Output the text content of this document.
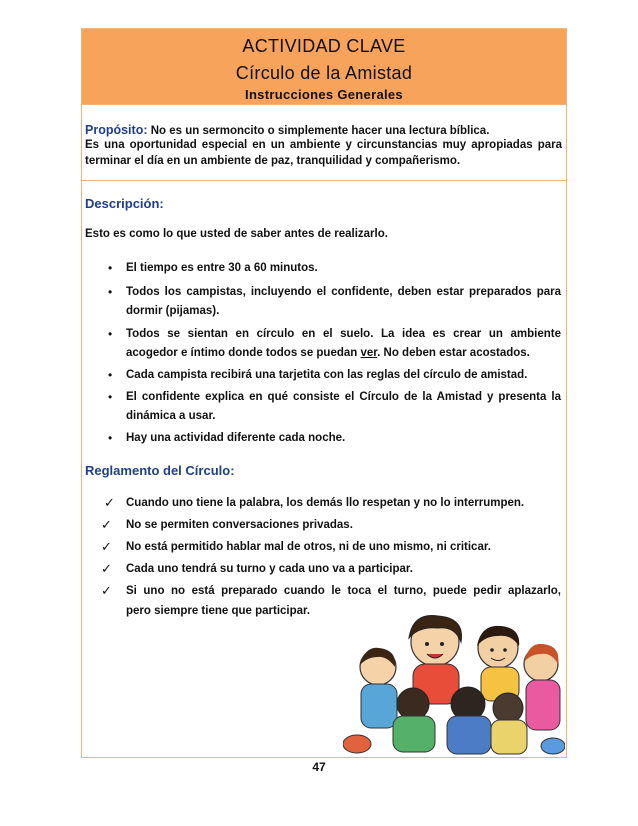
ACTIVIDAD CLAVE
Círculo de la Amistad
Instrucciones Generales
Propósito: No es un sermoncito o simplemente hacer una lectura bíblica.
Es una oportunidad especial en un ambiente y circunstancias muy apropiadas para
terminar el día en un ambiente de paz, tranquilidad y compañerismo.
Descripción:
Esto es como lo que usted de saber antes de realizarlo.
• El tiempo es entre 30 a 60 minutos.
• Todos los campistas, incluyendo el confidente, deben estar preparados para
dormir (pijamas).
• Todos se sientan en círculo en el suelo. La idea es crear un ambiente
acogedor e íntimo donde todos se puedan ver. No deben estar acostados.
• Cada campista recibirá una tarjetita con las reglas del círculo de amistad.
• El confidente explica en qué consiste el Círculo de la Amistad y presenta la
dinámica a usar.
• Hay una actividad diferente cada noche.
Reglamento del Círculo:
✓ Cuando uno tiene la palabra, los demás llo respetan y no lo interrumpen.
✓ No se permiten conversaciones privadas.
✓ No está permitido hablar mal de otros, ni de uno mismo, ni criticar.
✓ Cada uno tendrá su turno y cada uno va a participar.
✓ Si uno no está preparado cuando le toca el turno, puede pedir aplazarlo,
pero siempre tiene que participar.
47
